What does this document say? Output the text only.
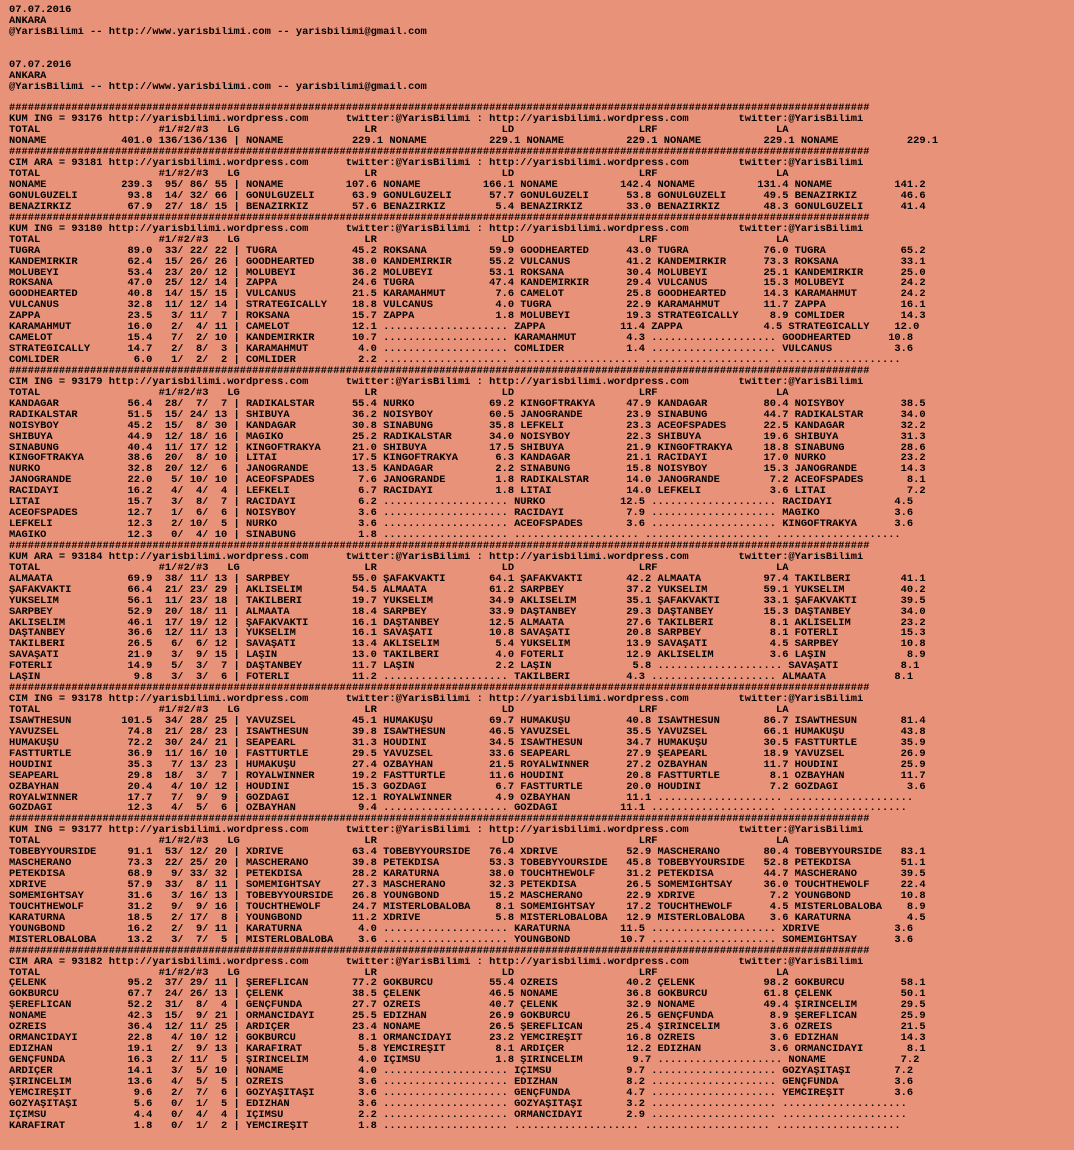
07.07.2016
ANKARA
@YarisBilimi -- http://www.yarisbilimi.com -- yarisbilimi@gmail.com

07.07.2016
ANKARA
@YarisBilimi -- http://www.yarisbilimi.com -- yarisbilimi@gmail.com

##########################################################################################################################################
KUM ING = 93176 http://yarisbilimi.wordpress.com      twitter:@YarisBilimi : http://yarisbilimi.wordpress.com        twitter:@YarisBilimi
TOTAL                   #1/#2/#3   LG                    LR                    LD                    LRF                   LA
NONAME            401.0 136/136/136 | NONAME           229.1 NONAME          229.1 NONAME          229.1 NONAME          229.1 NONAME           229.1
##########################################################################################################################################
CIM ARA = 93181 http://yarisbilimi.wordpress.com      twitter:@YarisBilimi : http://yarisbilimi.wordpress.com        twitter:@YarisBilimi
TOTAL                   #1/#2/#3   LG                    LR                    LD                    LRF                   LA
NONAME            239.3  95/ 86/ 55 | NONAME          107.6 NONAME          166.1 NONAME          142.4 NONAME          131.4 NONAME          141.2
GONULGÜZELİ        93.8  14/ 32/ 66 | GONULGÜZELİ      63.9 GONULGÜZELİ      57.7 GONULGÜZELİ      53.8 GONULGÜZELİ      49.5 BENAZIRKIZ       46.6
BENAZIRKIZ         67.9  27/ 18/ 15 | BENAZIRKIZ       57.6 BENAZIRKIZ        5.4 BENAZIRKIZ       33.0 BENAZIRKIZ       48.3 GONULGÜZELİ      41.4
##########################################################################################################################################
KUM ING = 93180 http://yarisbilimi.wordpress.com      twitter:@YarisBilimi : http://yarisbilimi.wordpress.com        twitter:@YarisBilimi
TOTAL                   #1/#2/#3   LG                    LR                    LD                    LRF                   LA
TUGRA              89.0  33/ 22/ 22 | TUGRA            45.2 ROKSANA          59.9 GOODHEARTED      43.0 TUGRA            76.0 TUGRA            65.2
KANDEMİRKIR        62.4  15/ 26/ 26 | GOODHEARTED      38.0 KANDEMİRKIR      55.2 VULCANUS         41.2 KANDEMİRKIR      73.3 ROKSANA          33.1
MOLUBEYİ           53.4  23/ 20/ 12 | MOLUBEYİ         36.2 MOLUBEYİ         53.1 ROKSANA          30.4 MOLUBEYİ         25.1 KANDEMİRKIR      25.0
ROKSANA            47.0  25/ 12/ 14 | ZAPPA            24.6 TUGRA            47.4 KANDEMİRKIR      29.4 VULCANUS         15.3 MOLUBEYİ         24.2
GOODHEARTED        40.8  14/ 15/ 15 | VULCANUS         21.5 KARAMAHMUT        7.6 CAMELOT          25.8 GOODHEARTED      14.3 KARAMAHMUT       24.2
VULCANUS           32.8  11/ 12/ 14 | STRATEGICALLY    18.8 VULCANUS          4.0 TUGRA            22.9 KARAMAHMUT       11.7 ZAPPA            16.1
ZAPPA              23.5   3/ 11/  7 | ROKSANA          15.7 ZAPPA             1.8 MOLUBEYİ         19.3 STRATEGICALLY     8.9 COMLIDER         14.3
KARAMAHMUT         16.0   2/  4/ 11 | CAMELOT          12.1 .................... ZAPPA            11.4 ZAPPA             4.5 STRATEGICALLY    12.0
CAMELOT            15.4   7/  2/ 10 | KANDEMİRKIR      10.7 .................... KARAMAHMUT        4.3 .................... GOODHEARTED      10.8
STRATEGICALLY      14.7   2/  8/  3 | KARAMAHMUT        4.0 .................... COMLIDER          1.4 .................... VULCANUS          3.6
COMLIDER            6.0   1/  2/  2 | COMLIDER          2.2 .................... .................... .................... ....................
##########################################################################################################################################
CIM ING = 93179 http://yarisbilimi.wordpress.com      twitter:@YarisBilimi : http://yarisbilimi.wordpress.com        twitter:@YarisBilimi
TOTAL                   #1/#2/#3   LG                    LR                    LD                    LRF                   LA
KANDAGAR           56.4  28/  7/  7 | RADIKALSTAR      55.4 NURKO            69.2 KINGOFTRAKYA     47.9 KANDAGAR         80.4 NOISYBOY         38.5
RADIKALSTAR        51.5  15/ 24/ 13 | SHIBUYA          36.2 NOISYBOY         60.5 JANOGRANDE       23.9 SINABUNG         44.7 RADIKALSTAR      34.0
NOISYBOY           45.2  15/  8/ 30 | KANDAGAR         30.8 SINABUNG         35.8 LEFKELİ          23.3 ACEOFSPADES      22.5 KANDAGAR         32.2
SHIBUYA            44.9  12/ 18/ 16 | MAGIKO           25.2 RADIKALSTAR      34.0 NOISYBOY         22.3 SHIBUYA          19.6 SHIBUYA          31.3
SINABUNG           40.4  11/ 17/ 12 | KINGOFTRAKYA     21.0 SHIBUYA          17.5 SHIBUYA          21.9 KINGOFTRAKYA     18.8 SINABUNG         28.6
KINGOFTRAKYA       38.6  20/  8/ 10 | LITAI            17.5 KINGOFTRAKYA      6.3 KANDAGAR         21.1 RACIDAYI         17.0 NURKO            23.2
NURKO              32.8  20/ 12/  6 | JANOGRANDE       13.5 KANDAGAR          2.2 SINABUNG         15.8 NOISYBOY         15.3 JANOGRANDE       14.3
JANOGRANDE         22.0   5/ 10/ 10 | ACEOFSPADES       7.6 JANOGRANDE        1.8 RADIKALSTAR      14.0 JANOGRANDE        7.2 ACEOFSPADES       8.1
RACIDAYI           16.2   4/  4/  4 | LEFKELİ           6.7 RACIDAYI          1.8 LITAI            14.0 LEFKELİ           3.6 LITAI             7.2
LITAI              15.7   3/  8/  7 | RACIDAYI          6.2 .................... NURKO            12.5 .................... RACIDAYI          4.5
ACEOFSPADES        12.7   1/  6/  6 | NOISYBOY          3.6 .................... RACIDAYI          7.9 .................... MAGIKO            3.6
LEFKELİ            12.3   2/ 10/  5 | NURKO             3.6 .................... ACEOFSPADES       3.6 .................... KINGOFTRAKYA      3.6
MAGIKO             12.3   0/  4/ 10 | SINABUNG          1.8 .................... .................... .................... ....................
##########################################################################################################################################
KUM ARA = 93184 http://yarisbilimi.wordpress.com      twitter:@YarisBilimi : http://yarisbilimi.wordpress.com        twitter:@YarisBilimi
TOTAL                   #1/#2/#3   LG                    LR                    LD                    LRF                   LA
ALMAATA            69.9  38/ 11/ 13 | SARPBEY          55.0 ŞAFAKVAKTİ       64.1 ŞAFAKVAKTİ       42.2 ALMAATA          97.4 TAKILBERİ        41.1
ŞAFAKVAKTİ         66.4  21/ 23/ 29 | AKLISELİM        54.5 ALMAATA          61.2 SARPBEY          37.2 YUKSELİM         59.1 YUKSELİM         40.2
YUKSELİM           56.1  11/ 23/ 18 | TAKILBERİ        19.7 YUKSELİM         34.9 AKLISELİM        35.1 ŞAFAKVAKTİ       33.1 ŞAFAKVAKTİ       39.5
SARPBEY            52.9  20/ 18/ 11 | ALMAATA          18.4 SARPBEY          33.9 DAŞTANBEY        29.3 DAŞTANBEY        15.3 DAŞTANBEY        34.0
AKLISELİM          46.1  17/ 19/ 12 | ŞAFAKVAKTİ       16.1 DAŞTANBEY        12.5 ALMAATA          27.6 TAKILBERİ         8.1 AKLISELİM        23.2
DAŞTANBEY          36.6  12/ 11/ 13 | YUKSELİM         16.1 SAVAŞATI         10.8 SAVAŞATI         20.8 SARPBEY           8.1 FOTERLİ          15.3
TAKILBERİ          26.5   6/  6/ 12 | SAVAŞATI         13.4 AKLISELİM         5.4 YUKSELİM         13.9 SAVAŞATI          4.5 SARPBEY          10.8
SAVAŞATI           21.9   3/  9/ 15 | LAŞİN            13.0 TAKILBERİ         4.0 FOTERLİ          12.9 AKLISELİM         3.6 LAŞİN             8.9
FOTERLİ            14.9   5/  3/  7 | DAŞTANBEY        11.7 LAŞİN             2.2 LAŞİN             5.8 .................... SAVAŞATI          8.1
LAŞİN               9.8   3/  3/  6 | FOTERLİ          11.2 .................... TAKILBERİ         4.3 .................... ALMAATA           8.1
##########################################################################################################################################
CIM ING = 93178 http://yarisbilimi.wordpress.com      twitter:@YarisBilimi : http://yarisbilimi.wordpress.com        twitter:@YarisBilimi
TOTAL                   #1/#2/#3   LG                    LR                    LD                    LRF                   LA
ISAWTHESUN        101.5  34/ 28/ 25 | YAVUZSEL         45.1 HUMAKUŞU         69.7 HUMAKUŞU         40.8 ISAWTHESUN       86.7 ISAWTHESUN       81.4
YAVUZSEL           74.8  21/ 28/ 23 | ISAWTHESUN       39.8 ISAWTHESUN       46.5 YAVUZSEL         35.5 YAVUZSEL         66.1 HUMAKUŞU         43.8
HUMAKUŞU           72.2  30/ 24/ 21 | SEAPEARL         31.3 HOUDINI          34.5 ISAWTHESUN       34.7 HUMAKUŞU         30.5 FASTTURTLE       35.9
FASTTURTLE         36.9  11/ 16/ 10 | FASTTURTLE       29.5 YAVUZSEL         33.6 SEAPEARL         27.9 ŞEAPEARL         18.9 YAVUZSEL         26.9
HOUDINI            35.3   7/ 13/ 23 | HUMAKUŞU         27.4 OZBAYHAN         21.5 ROYALWINNER      27.2 OZBAYHAN         11.7 HOUDINI          25.9
SEAPEARL           29.8  18/  3/  7 | ROYALWINNER      19.2 FASTTURTLE       11.6 HOUDINI          20.8 FASTTURTLE        8.1 OZBAYHAN         11.7
OZBAYHAN           20.4   4/ 10/ 12 | HOUDINI          15.3 GOZDAGI           6.7 FASTTURTLE       20.0 HOUDINI           7.2 GOZDAGI           3.6
ROYALWINNER        17.7   7/  9/  9 | GOZDAGI          12.1 ROYALWINNER       4.9 OZBAYHAN         11.1 .................... ....................
GOZDAGI            12.3   4/  5/  6 | OZBAYHAN          9.4 .................... GOZDAGI          11.1 .................... ....................
##########################################################################################################################################
KUM ING = 93177 http://yarisbilimi.wordpress.com      twitter:@YarisBilimi : http://yarisbilimi.wordpress.com        twitter:@YarisBilimi
TOTAL                   #1/#2/#3   LG                    LR                    LD                    LRF                   LA
TOBEBYYOURSIDE     91.1  53/ 12/ 20 | XDRIVE           63.4 TOBEBYYOURSIDE   76.4 XDRIVE           52.9 MASCHERANO       80.4 TOBEBYYOURSIDE   83.1
MASCHERANO         73.3  22/ 25/ 20 | MASCHERANO       39.8 PETEKDISA        53.3 TOBEBYYOURSIDE   45.8 TOBEBYYOURSIDE   52.8 PETEKDISA        51.1
PETEKDISA          68.9   9/ 33/ 32 | PETEKDISA        28.2 KARATURNA        38.0 TOUCHTHEWOLF     31.2 PETEKDISA        44.7 MASCHERANO       39.5
XDRIVE             57.9  33/  8/ 11 | SOMEMIGHTSAY     27.3 MASCHERANO       32.3 PETEKDISA        26.5 SOMEMIGHTSAY     36.0 TOUCHTHEWOLF     22.4
SOMEMIGHTSAY       31.6   3/ 16/ 13 | TOBEBYYOURSIDE   26.8 YOUNGBOND        15.2 MASCHERANO       22.9 XDRIVE            7.2 YOUNGBOND        10.8
TOUCHTHEWOLF       31.2   9/  9/ 16 | TOUCHTHEWOLF     24.7 MISTERLOBALOBA    8.1 SOMEMIGHTSAY     17.2 TOUCHTHEWOLF      4.5 MISTERLOBALOBA    8.9
KARATURNA          18.5   2/ 17/  8 | YOUNGBOND        11.2 XDRIVE            5.8 MISTERLOBALOBA   12.9 MISTERLOBALOBA    3.6 KARATURNA         4.5
YOUNGBOND          16.2   2/  9/ 11 | KARATURNA         4.0 .................... KARATURNA        11.5 .................... XDRIVE            3.6
MISTERLOBALOBA     13.2   3/  7/  5 | MISTERLOBALOBA    3.6 .................... YOUNGBOND        10.7 .................... SOMEMIGHTSAY      3.6
##########################################################################################################################################
CIM ARA = 93182 http://yarisbilimi.wordpress.com      twitter:@YarisBilimi : http://yarisbilimi.wordpress.com        twitter:@YarisBilimi
TOTAL                   #1/#2/#3   LG                    LR                    LD                    LRF                   LA
ÇELENK             95.2  37/ 29/ 11 | ŞEREFLİCAN       77.2 GOKBURCU         55.4 OZREİS           40.2 ÇELENK           98.2 GOKBURCU         58.1
GOKBURCU           67.7  24/ 26/ 13 | ÇELENK           38.5 ÇELENK           46.5 NONAME           36.8 GOKBURCU         61.8 ÇELENK           50.1
ŞEREFLİCAN         52.2  31/  8/  4 | GENÇFUNDA        27.7 OZREİS           40.7 ÇELENK           32.9 NONAME           49.4 ŞİRİNCELİM       29.5
NONAME             42.3  15/  9/ 21 | ORMANCIDAYI      25.5 EDİZHAN          26.9 GOKBURCU         26.5 GENÇFUNDA         8.9 ŞEREFLİCAN       25.9
OZREİS             36.4  12/ 11/ 25 | ARDİÇER          23.4 NONAME           26.5 ŞEREFLİCAN       25.4 ŞİRİNCELİM        3.6 OZREİS           21.5
ORMANCIDAYI        22.8   4/ 10/ 12 | GOKBURCU          8.1 ORMANCIDAYI      23.2 YEMCİREŞİT       16.8 OZREİS            3.6 EDİZHAN          14.3
EDİZHAN            19.1   2/  9/ 13 | KARAFIRAT         5.8 YEMCİREŞİT        8.1 ARDİÇER          12.2 EDİZHAN           3.6 ORMANCIDAYI       8.1
GENÇFUNDA          16.3   2/ 11/  5 | ŞİRİNCELİM        4.0 İÇİMSU            1.8 ŞİRİNCELİM        9.7 .................... NONAME            7.2
ARDİÇER            14.1   3/  5/ 10 | NONAME            4.0 .................... İÇİMSU            9.7 .................... GOZYAŞITAŞI       7.2
ŞİRİNCELİM         13.6   4/  5/  5 | OZREİS            3.6 .................... EDİZHAN           8.2 .................... GENÇFUNDA         3.6
YEMCİREŞİT          9.6   2/  7/  6 | GOZYAŞITAŞI       3.6 .................... GENÇFUNDA         4.7 .................... YEMCİREŞİT        3.6
GOZYAŞITAŞI         5.6   0/  1/  5 | EDİZHAN           3.6 .................... GOZYAŞITAŞI       3.2 .................... ....................
İÇİMSU              4.4   0/  4/  4 | İÇİMSU            2.2 .................... ORMANCIDAYI       2.9 .................... ....................
KARAFIRAT           1.8   0/  1/  2 | YEMCİREŞİT        1.8 .................... .................... .................... ....................
